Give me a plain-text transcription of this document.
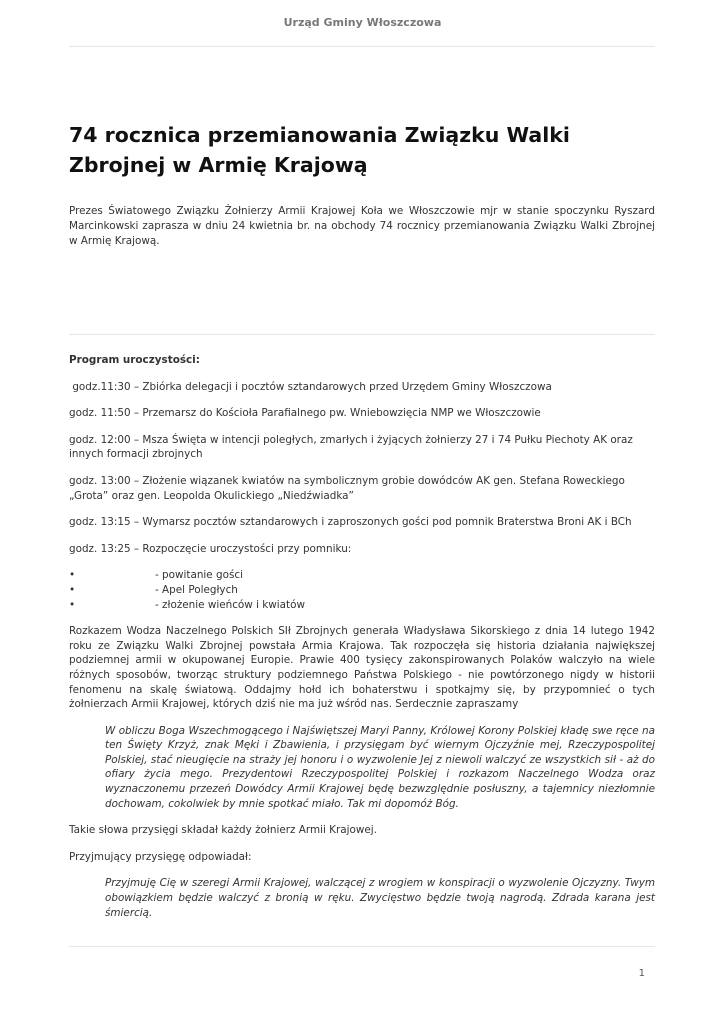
Urząd Gminy Włoszczowa
74 rocznica przemianowania Związku Walki Zbrojnej w Armię Krajową

Prezes Światowego Związku Żołnierzy Armii Krajowej Koła we Włoszczowie mjr w stanie spoczynku Ryszard Marcinkowski zaprasza w dniu 24 kwietnia br. na obchody 74 rocznicy przemianowania Związku Walki Zbrojnej w Armię Krajową.

Program uroczystości:

godz.11:30 – Zbiórka delegacji i pocztów sztandarowych przed Urzędem Gminy Włoszczowa

godz. 11:50 – Przemarsz do Kościoła Parafialnego pw. Wniebowzięcia NMP we Włoszczowie

godz. 12:00 – Msza Święta w intencji poległych, zmarłych i żyjących żołnierzy 27 i 74 Pułku Piechoty AK oraz innych formacji zbrojnych

godz. 13:00 – Złożenie wiązanek kwiatów na symbolicznym grobie dowódców AK gen. Stefana Roweckiego „Grota” oraz gen. Leopolda Okulickiego „Niedźwiadka”

godz. 13:15 – Wymarsz pocztów sztandarowych i zaproszonych gości pod pomnik Braterstwa Broni AK i BCh

godz. 13:25 – Rozpoczęcie uroczystości przy pomniku:

• - powitanie gości
• - Apel Poległych
• - złożenie wieńców i kwiatów

Rozkazem Wodza Naczelnego Polskich SIł Zbrojnych generała Władysława Sikorskiego z dnia 14 lutego 1942 roku ze Związku Walki Zbrojnej powstała Armia Krajowa. Tak rozpoczęła się historia działania największej podziemnej armii w okupowanej Europie. Prawie 400 tysięcy zakonspirowanych Polaków walczyło na wiele różnych sposobów, tworząc struktury podziemnego Państwa Polskiego - nie powtórzonego nigdy w historii fenomenu na skalę światową. Oddajmy hołd ich bohaterstwu i spotkajmy się, by przypomnieć o tych żołnierzach Armii Krajowej, których dziś nie ma już wśród nas. Serdecznie zapraszamy

W obliczu Boga Wszechmogącego i Najświętszej Maryi Panny, Królowej Korony Polskiej kładę swe ręce na ten Święty Krzyż, znak Męki i Zbawienia, i przysięgam być wiernym Ojczyźnie mej, Rzeczypospolitej Polskiej, stać nieugięcie na straży jej honoru i o wyzwolenie Jej z niewoli walczyć ze wszystkich sił - aż do ofiary życia mego. Prezydentowi Rzeczypospolitej Polskiej i rozkazom Naczelnego Wodza oraz wyznaczonemu przezeń Dowódcy Armii Krajowej będę bezwzględnie posłuszny, a tajemnicy niezłomnie dochowam, cokolwiek by mnie spotkać miało. Tak mi dopomóż Bóg.

Takie słowa przysięgi składał każdy żołnierz Armii Krajowej.

Przyjmujący przysięgę odpowiadał:

Przyjmuję Cię w szeregi Armii Krajowej, walczącej z wrogiem w konspiracji o wyzwolenie Ojczyzny. Twym obowiązkiem będzie walczyć z bronią w ręku. Zwycięstwo będzie twoją nagrodą. Zdrada karana jest śmiercią.
1
